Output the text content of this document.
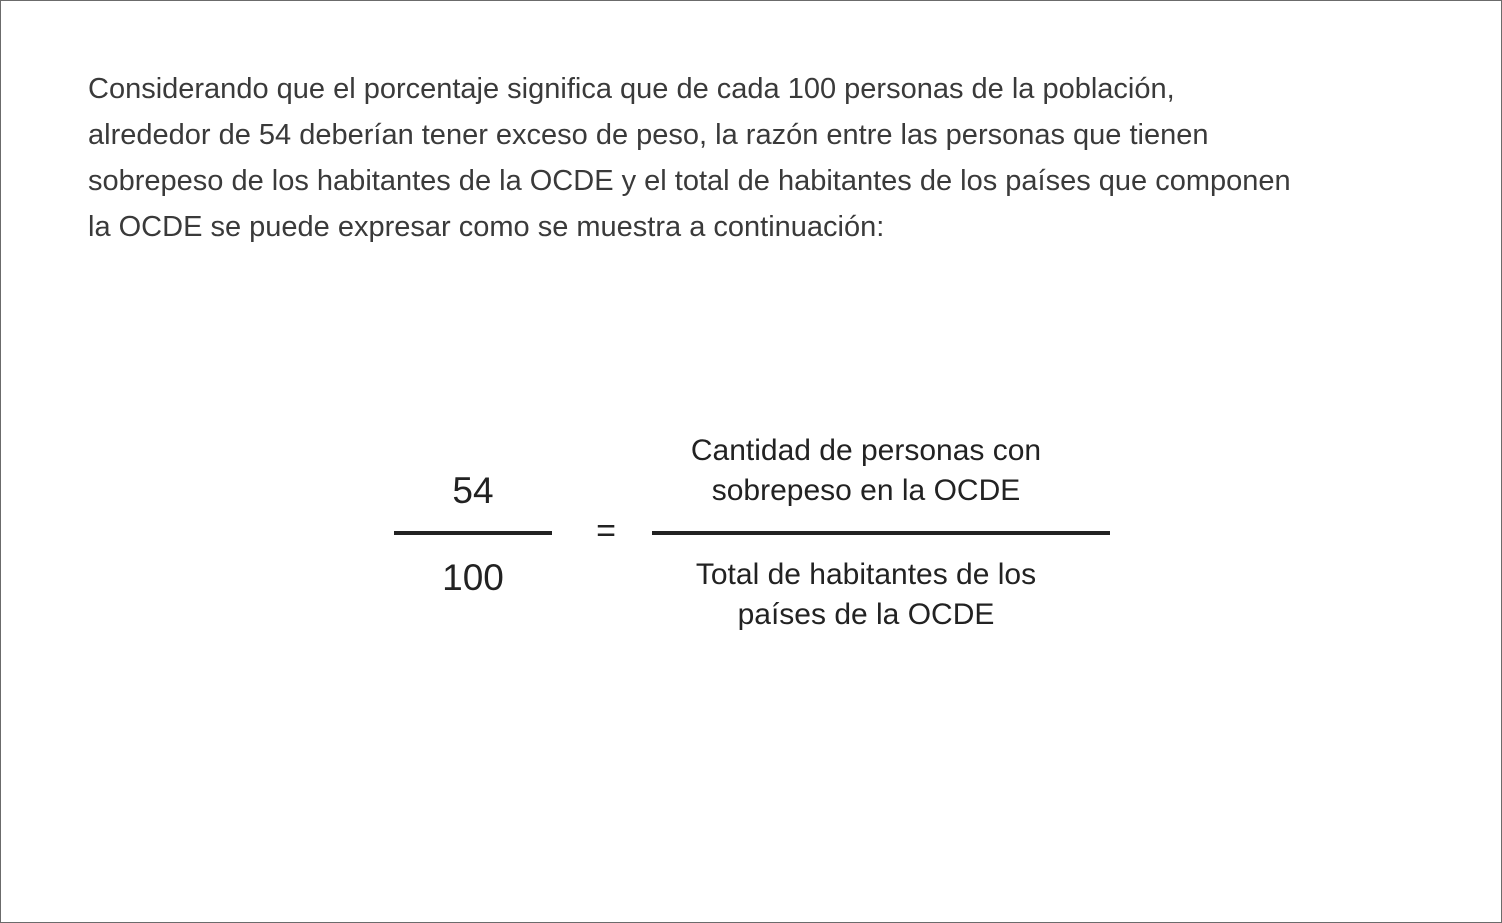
Considerando que el porcentaje significa que de cada 100 personas de la población,
alrededor de 54 deberían tener exceso de peso, la razón entre las personas que tienen
sobrepeso de los habitantes de la OCDE y el total de habitantes de los países que componen
la OCDE se puede expresar como se muestra a continuación:

54
100
=
Cantidad de personas con
sobrepeso en la OCDE
Total de habitantes de los
países de la OCDE
